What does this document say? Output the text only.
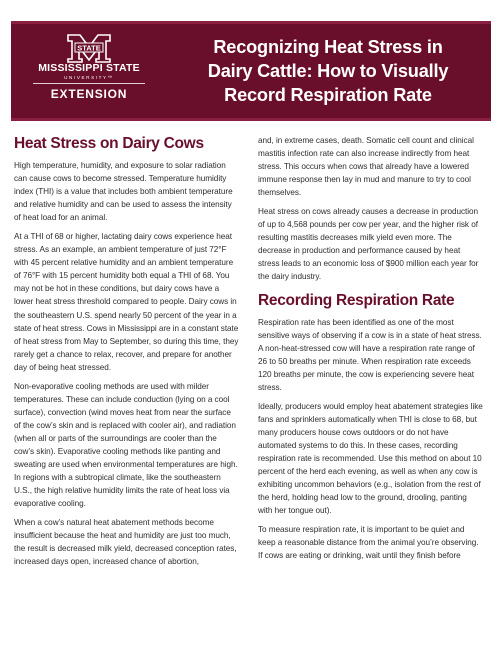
STATE
MISSISSIPPI STATE
UNIVERSITY™
EXTENSION
Recognizing Heat Stress in
Dairy Cattle: How to Visually
Record Respiration Rate
Heat Stress on Dairy Cows

High temperature, humidity, and exposure to solar radiation can cause cows to become stressed. Temperature humidity index (THI) is a value that includes both ambient temperature and relative humidity and can be used to assess the intensity of heat load for an animal.

At a THI of 68 or higher, lactating dairy cows experience heat stress. As an example, an ambient temperature of just 72°F with 45 percent relative humidity and an ambient temperature of 76°F with 15 percent humidity both equal a THI of 68. You may not be hot in these conditions, but dairy cows have a lower heat stress threshold compared to people. Dairy cows in the southeastern U.S. spend nearly 50 percent of the year in a state of heat stress. Cows in Mississippi are in a constant state of heat stress from May to September, so during this time, they rarely get a chance to relax, recover, and prepare for another day of being heat stressed.

Non-evaporative cooling methods are used with milder temperatures. These can include conduction (lying on a cool surface), convection (wind moves heat from near the surface of the cow’s skin and is replaced with cooler air), and radiation (when all or parts of the surroundings are cooler than the cow’s skin). Evaporative cooling methods like panting and sweating are used when environmental temperatures are high. In regions with a subtropical climate, like the southeastern U.S., the high relative humidity limits the rate of heat loss via evaporative cooling.

When a cow’s natural heat abatement methods become insufficient because the heat and humidity are just too much, the result is decreased milk yield, decreased conception rates, increased days open, increased chance of abortion,

and, in extreme cases, death. Somatic cell count and clinical mastitis infection rate can also increase indirectly from heat stress. This occurs when cows that already have a lowered immune response then lay in mud and manure to try to cool themselves.

Heat stress on cows already causes a decrease in production of up to 4,568 pounds per cow per year, and the higher risk of resulting mastitis decreases milk yield even more. The decrease in production and performance caused by heat stress leads to an economic loss of $900 million each year for the dairy industry.

Recording Respiration Rate

Respiration rate has been identified as one of the most sensitive ways of observing if a cow is in a state of heat stress. A non-heat-stressed cow will have a respiration rate range of 26 to 50 breaths per minute. When respiration rate exceeds 120 breaths per minute, the cow is experiencing severe heat stress.

Ideally, producers would employ heat abatement strategies like fans and sprinklers automatically when THI is close to 68, but many producers house cows outdoors or do not have automated systems to do this. In these cases, recording respiration rate is recommended. Use this method on about 10 percent of the herd each evening, as well as when any cow is exhibiting uncommon behaviors (e.g., isolation from the rest of the herd, holding head low to the ground, drooling, panting with her tongue out).

To measure respiration rate, it is important to be quiet and keep a reasonable distance from the animal you’re observing. If cows are eating or drinking, wait until they finish before
